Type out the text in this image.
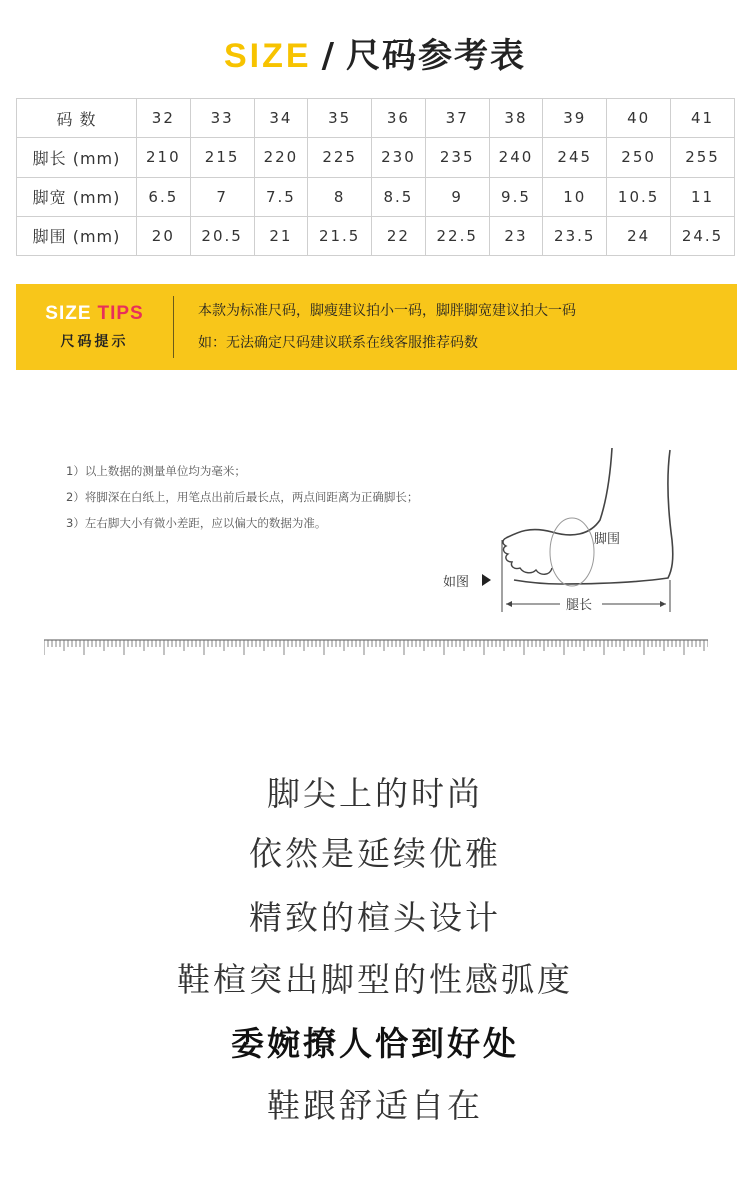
SIZE / 尺码参考表
码 数	32	33	34	35	36	37	38	39	40	41
脚长 (mm)	210	215	220	225	230	235	240	245	250	255
脚宽 (mm)	6.5	7	7.5	8	8.5	9	9.5	10	10.5	11
脚围 (mm)	20	20.5	21	21.5	22	22.5	23	23.5	24	24.5
SIZE TIPS
尺码提示
本款为标准尺码，脚瘦建议拍小一码，脚胖脚宽建议拍大一码
如：无法确定尺码建议联系在线客服推荐码数
1）以上数据的测量单位均为毫米；
2）将脚深在白纸上，用笔点出前后最长点，两点间距离为正确脚长；
3）左右脚大小有微小差距，应以偏大的数据为准。
脚围
如图
腿长
脚尖上的时尚
依然是延续优雅
精致的楦头设计
鞋楦突出脚型的性感弧度
委婉撩人恰到好处
鞋跟舒适自在
